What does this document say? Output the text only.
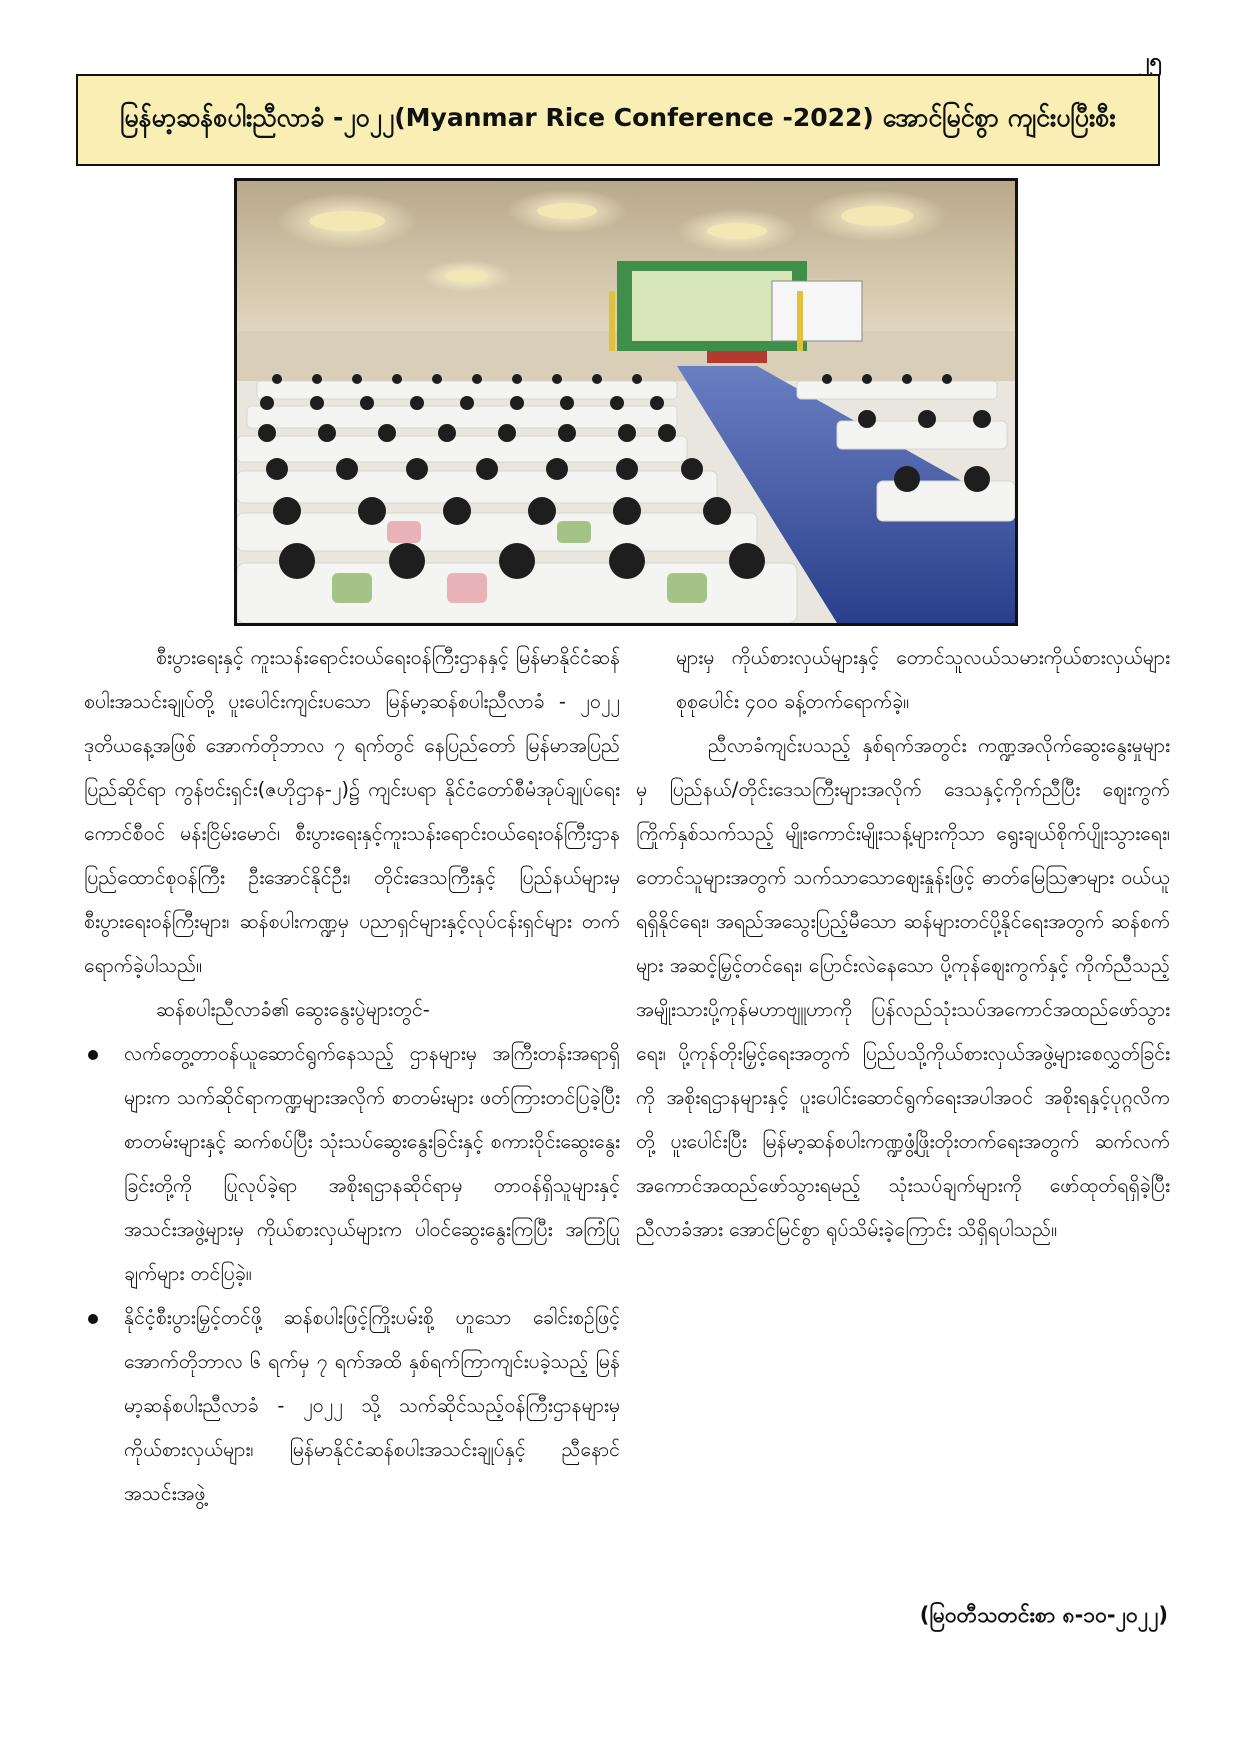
၂၅
မြန်မာ့ဆန်စပါးညီလာခံ -၂၀၂၂(Myanmar Rice Conference -2022) အောင်မြင်စွာ ကျင်းပပြီးစီး

စီးပွားရေးနှင့် ကူးသန်းရောင်းဝယ်ရေးဝန်ကြီးဌာနနှင့် မြန်မာနိုင်ငံဆန်စပါးအသင်းချုပ်တို့ ပူးပေါင်းကျင်းပသော မြန်မာ့ဆန်စပါးညီလာခံ - ၂၀၂၂ ဒုတိယနေ့အဖြစ် အောက်တိုဘာလ ၇ ရက်တွင် နေပြည်တော် မြန်မာအပြည်ပြည်ဆိုင်ရာ ကွန်ဗင်းရှင်း(ဇဟိုဌာန-၂)၌ ကျင်းပရာ နိုင်ငံတော်စီမံအုပ်ချုပ်ရေးကောင်စီဝင် မန်းငြိမ်းမောင်၊ စီးပွားရေးနှင့်ကူးသန်းရောင်းဝယ်ရေးဝန်ကြီးဌာန ပြည်ထောင်စုဝန်ကြီး ဦးအောင်နိုင်ဦး၊ တိုင်းဒေသကြီးနှင့် ပြည်နယ်များမှ စီးပွားရေးဝန်ကြီးများ၊ ဆန်စပါးကဏ္ဍမှ ပညာရှင်များနှင့်လုပ်ငန်းရှင်များ တက်ရောက်ခဲ့ပါသည်။

ဆန်စပါးညီလာခံ၏ ဆွေးနွေးပွဲများတွင်-

လက်တွေ့တာဝန်ယူဆောင်ရွက်နေသည့် ဌာနများမှ အကြီးတန်းအရာရှိများက သက်ဆိုင်ရာကဏ္ဍများအလိုက် စာတမ်းများ ဖတ်ကြားတင်ပြခဲ့ပြီး စာတမ်းများနှင့် ဆက်စပ်ပြီး သုံးသပ်ဆွေးနွေးခြင်းနှင့် စကားဝိုင်းဆွေးနွေးခြင်းတို့ကို ပြုလုပ်ခဲ့ရာ အစိုးရဌာနဆိုင်ရာမှ တာဝန်ရှိသူများနှင့် အသင်းအဖွဲ့များမှ ကိုယ်စားလှယ်များက ပါဝင်ဆွေးနွေးကြပြီး အကြံပြုချက်များ တင်ပြခဲ့။
နိုင်ငံ့စီးပွားမြှင့်တင်ဖို့ ဆန်စပါးဖြင့်ကြိုးပမ်းစို့ ဟူသော ခေါင်းစဉ်ဖြင့် အောက်တိုဘာလ ၆ ရက်မှ ၇ ရက်အထိ နှစ်ရက်ကြာကျင်းပခဲ့သည့် မြန်မာ့ဆန်စပါးညီလာခံ - ၂၀၂၂ သို့ သက်ဆိုင်သည့်ဝန်ကြီးဌာနများမှ ကိုယ်စားလှယ်များ၊ မြန်မာနိုင်ငံဆန်စပါးအသင်းချုပ်နှင့် ညီနောင်အသင်းအဖွဲ့

များမှ ကိုယ်စားလှယ်များနှင့် တောင်သူလယ်သမားကိုယ်စားလှယ်များ စုစုပေါင်း ၄၀၀ ခန့်တက်ရောက်ခဲ့။

ညီလာခံကျင်းပသည့် နှစ်ရက်အတွင်း ကဏ္ဍအလိုက်ဆွေးနွေးမှုများမှ ပြည်နယ်/တိုင်းဒေသကြီးများအလိုက် ဒေသနှင့်ကိုက်ညီပြီး ဈေးကွက်ကြိုက်နှစ်သက်သည့် မျိုးကောင်းမျိုးသန့်များကိုသာ ရွေးချယ်စိုက်ပျိုးသွားရေး၊ တောင်သူများအတွက် သက်သာသောဈေးနှုန်းဖြင့် ဓာတ်မြေဩဇာများ ဝယ်ယူရရှိနိုင်ရေး၊ အရည်အသွေးပြည့်မီသော ဆန်များတင်ပို့နိုင်ရေးအတွက် ဆန်စက်များ အဆင့်မြှင့်တင်ရေး၊ ပြောင်းလဲနေသော ပို့ကုန်ဈေးကွက်နှင့် ကိုက်ညီသည့် အမျိုးသားပို့ကုန်မဟာဗျူဟာကို ပြန်လည်သုံးသပ်အကောင်အထည်ဖော်သွားရေး၊ ပို့ကုန်တိုးမြှင့်ရေးအတွက် ပြည်ပသို့ကိုယ်စားလှယ်အဖွဲ့များစေလွှတ်ခြင်းကို အစိုးရဌာနများနှင့် ပူးပေါင်းဆောင်ရွက်ရေးအပါအဝင် အစိုးရနှင့်ပုဂ္ဂလိကတို့ ပူးပေါင်းပြီး မြန်မာ့ဆန်စပါးကဏ္ဍဖွံ့ဖြိုးတိုးတက်ရေးအတွက် ဆက်လက်အကောင်အထည်ဖော်သွားရမည့် သုံးသပ်ချက်များကို ဖော်ထုတ်ရရှိခဲ့ပြီး ညီလာခံအား အောင်မြင်စွာ ရုပ်သိမ်းခဲ့ကြောင်း သိရှိရပါသည်။

(မြဝတီသတင်းစာ ၈-၁၀-၂၀၂၂)
